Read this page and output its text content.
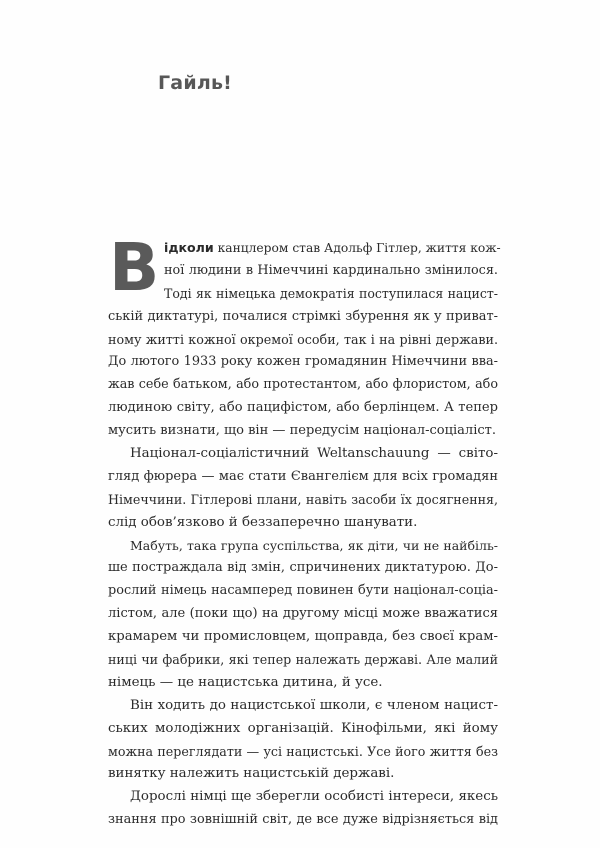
Гайль!
В ідколи канцлером став Адольф Гітлер, життя кож-
ної людини в Німеччині кардинально змінилося.
Тоді як німецька демократія поступилася нацист-
ській диктатурі, почалися стрімкі збурення як у приват-
ному житті кожної окремої особи, так і на рівні держави.
До лютого 1933 року кожен громадянин Німеччини вва-
жав себе батьком, або протестантом, або флористом, або
людиною світу, або пацифістом, або берлінцем. А тепер
мусить визнати, що він — передусім націонал-соціаліст.
Націонал-соціалістичний Weltanschauung — світо-
гляд фюрера — має стати Євангелієм для всіх громадян
Німеччини. Гітлерові плани, навіть засоби їх досягнення,
слід обов’язково й беззаперечно шанувати.
Мабуть, така група суспільства, як діти, чи не найбіль-
ше постраждала від змін, спричинених диктатурою. До-
рослий німець насамперед повинен бути націонал-соціа-
лістом, але (поки що) на другому місці може вважатися
крамарем чи промисловцем, щоправда, без своєї крам-
ниці чи фабрики, які тепер належать державі. Але малий
німець — це нацистська дитина, й усе.
Він ходить до нацистської школи, є членом нацист-
ських молодіжних організацій. Кінофільми, які йому
можна переглядати — усі нацистські. Усе його життя без
винятку належить нацистській державі.
Дорослі німці ще зберегли особисті інтереси, якесь
знання про зовнішній світ, де все дуже відрізняється від
